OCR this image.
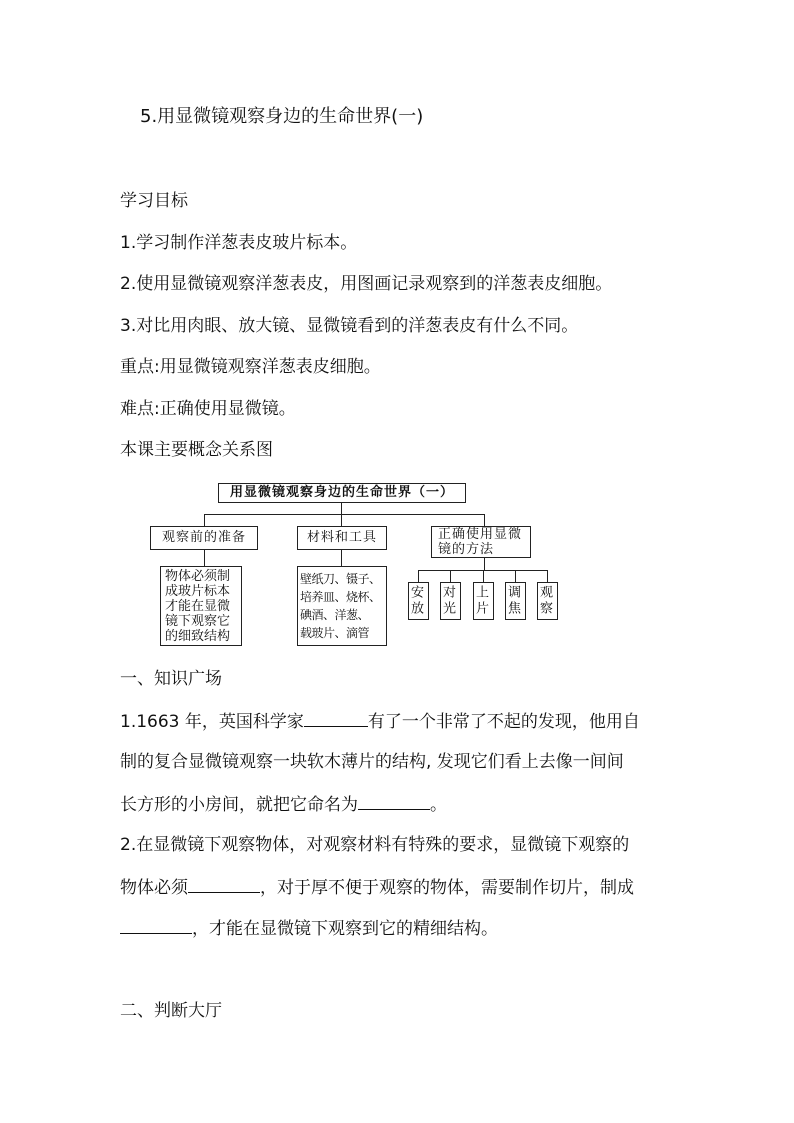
5.用显微镜观察身边的生命世界(一)
学习目标
1.学习制作洋葱表皮玻片标本。
2.使用显微镜观察洋葱表皮，用图画记录观察到的洋葱表皮细胞。
3.对比用肉眼、放大镜、显微镜看到的洋葱表皮有什么不同。
重点:用显微镜观察洋葱表皮细胞。
难点:正确使用显微镜。
本课主要概念关系图
用显微镜观察身边的生命世界（一）
观察前的准备	材料和工具	正确使用显微镜的方法
物体必须制
成玻片标本
才能在显微
镜下观察它
的细致结构
壁纸刀、镊子、
培养皿、烧杯、
碘酒、洋葱、
载玻片、滴管
安放	对光	上片	调焦	观察
一、知识广场
1.1663 年，英国科学家	有了一个非常了不起的发现，他用自
制的复合显微镜观察一块软木薄片的结构, 发现它们看上去像一间间
长方形的小房间，就把它命名为	。
2.在显微镜下观察物体，对观察材料有特殊的要求，显微镜下观察的
物体必须	，对于厚不便于观察的物体，需要制作切片，制成
，才能在显微镜下观察到它的精细结构。
二、判断大厅
